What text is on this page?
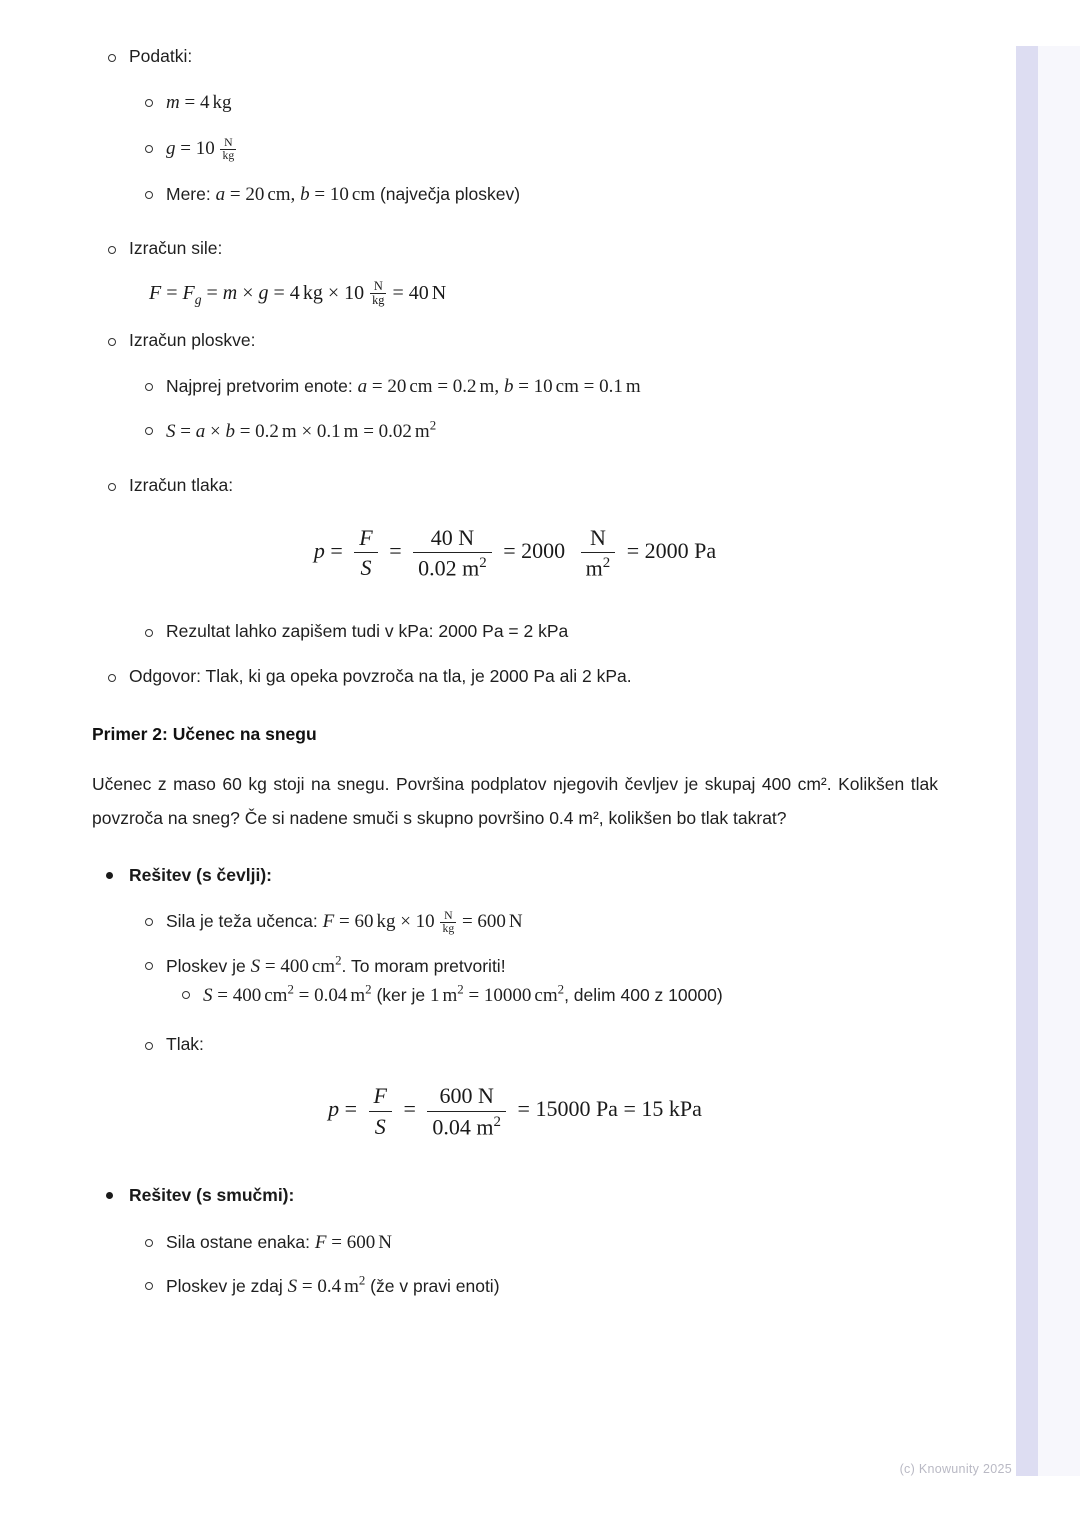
Podatki:
m = 4 kg
$g = 10 \frac{N}{kg}$
Mere: a = 20 cm, b = 10 cm (največja ploskev)
Izračun sile:
$F = F_g = m \times g = 4$ kg × $10 \frac{N}{kg} = 40$ N
Izračun ploskve:
Najprej pretvorim enote: a = 20 cm = 0.2 m, b = 10 cm = 0.1 m
S = a × b = 0.2 m × 0.1 m = 0.02 $m^2$
Izračun tlaka:
$p = \frac{F}{S} = \frac{40 N}{0.02 m^2} = 2000 \frac{N}{m^2} = 2000$ Pa
Rezultat lahko zapišem tudi v kPa: 2000 Pa = 2 kPa
Odgovor: Tlak, ki ga opeka povzroča na tla, je 2000 Pa ali 2 kPa.
Primer 2: Učenec na snegu

Učenec z maso 60 kg stoji na snegu. Površina podplatov njegovih čevljev je skupaj 400 cm². Kolikšen tlak povzroča na sneg? Če si nadene smuči s skupno površino 0.4 m², kolikšen bo tlak takrat?

Rešitev (s čevlji):
Sila je teža učenca: F = 60 kg × $10 \frac{N}{kg} = 600$ N
Ploskev je S = 400 $cm^2$. To moram pretvoriti!
S = 400 $cm^2 = 0.04$ $m^2$ (ker je 1 $m^2 = 10000$ $cm^2$, delim 400 z 10000)
Tlak:
$p = \frac{F}{S} = \frac{600 N}{0.04 m^2} = 15000$ Pa = 15 kPa
Rešitev (s smučmi):
Sila ostane enaka: F = 600 N
Ploskev je zdaj S = 0.4 $m^2$ (že v pravi enoti)
(c) Knowunity 2025
